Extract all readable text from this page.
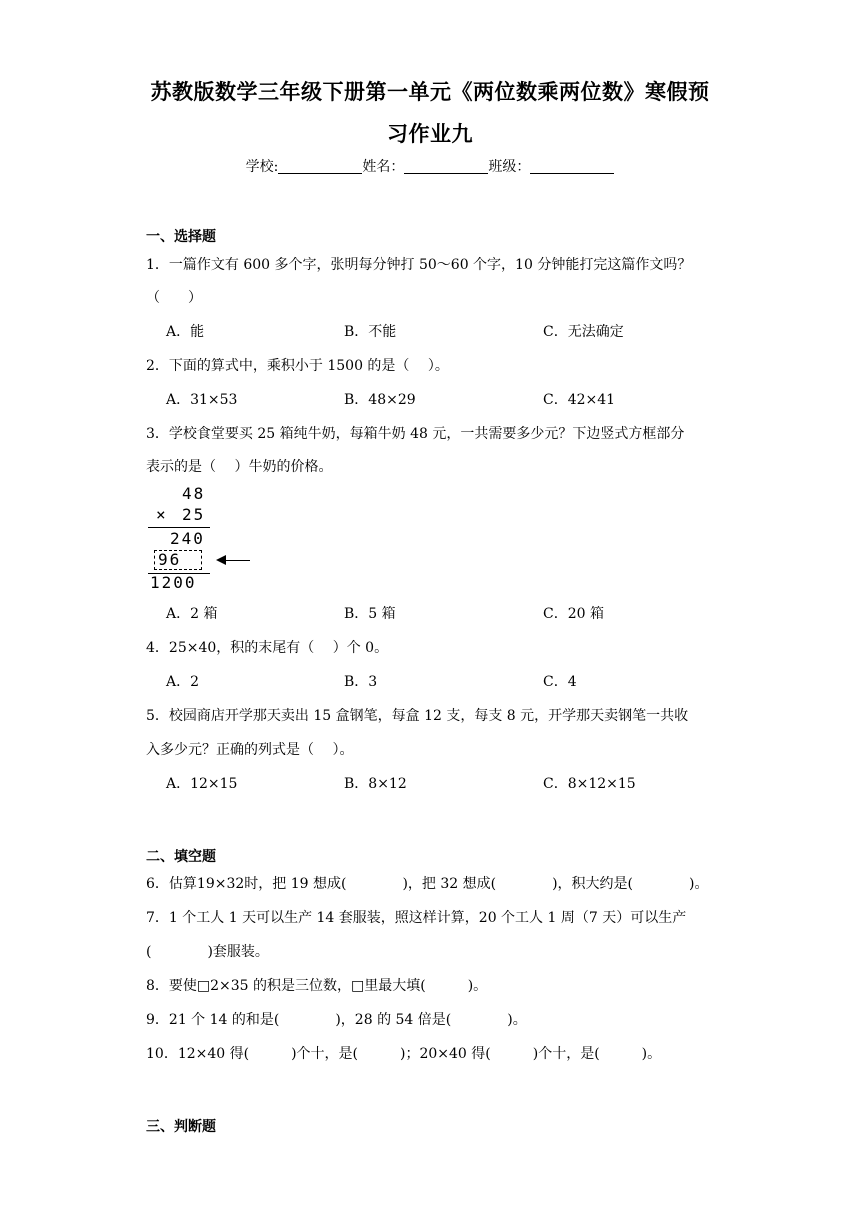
苏教版数学三年级下册第一单元《两位数乘两位数》寒假预
习作业九
学校:	姓名：	班级：
一、选择题
1．一篇作文有 600 多个字，张明每分钟打 50～60 个字，10 分钟能打完这篇作文吗？
（　　）
A．能	B．不能	C．无法确定
2．下面的算式中，乘积小于 1500 的是（　 ）。
A．31×53	B．48×29	C．42×41
3．学校食堂要买 25 箱纯牛奶，每箱牛奶 48 元，一共需要多少元？下边竖式方框部分
表示的是（　 ）牛奶的价格。
48
× 25
240
96
1200
A．2 箱	B．5 箱	C．20 箱
4．25×40，积的末尾有（　 ）个 0。
A．2	B．3	C．4
5．校园商店开学那天卖出 15 盒钢笔，每盒 12 支，每支 8 元，开学那天卖钢笔一共收
入多少元？正确的列式是（　 ）。
A．12×15	B．8×12	C．8×12×15
二、填空题
6．估算19×32时，把 19 想成(　　　　)，把 32 想成(　　　　)，积大约是(　　　　)。
7．1 个工人 1 天可以生产 14 套服装，照这样计算，20 个工人 1 周（7 天）可以生产
(　　　　)套服装。
8．要使□2×35 的积是三位数，□里最大填(　　　)。
9．21 个 14 的和是(　　　　)，28 的 54 倍是(　　　　)。
10．12×40 得(　　　)个十，是(　　　)；20×40 得(　　　)个十，是(　　　)。
三、判断题
